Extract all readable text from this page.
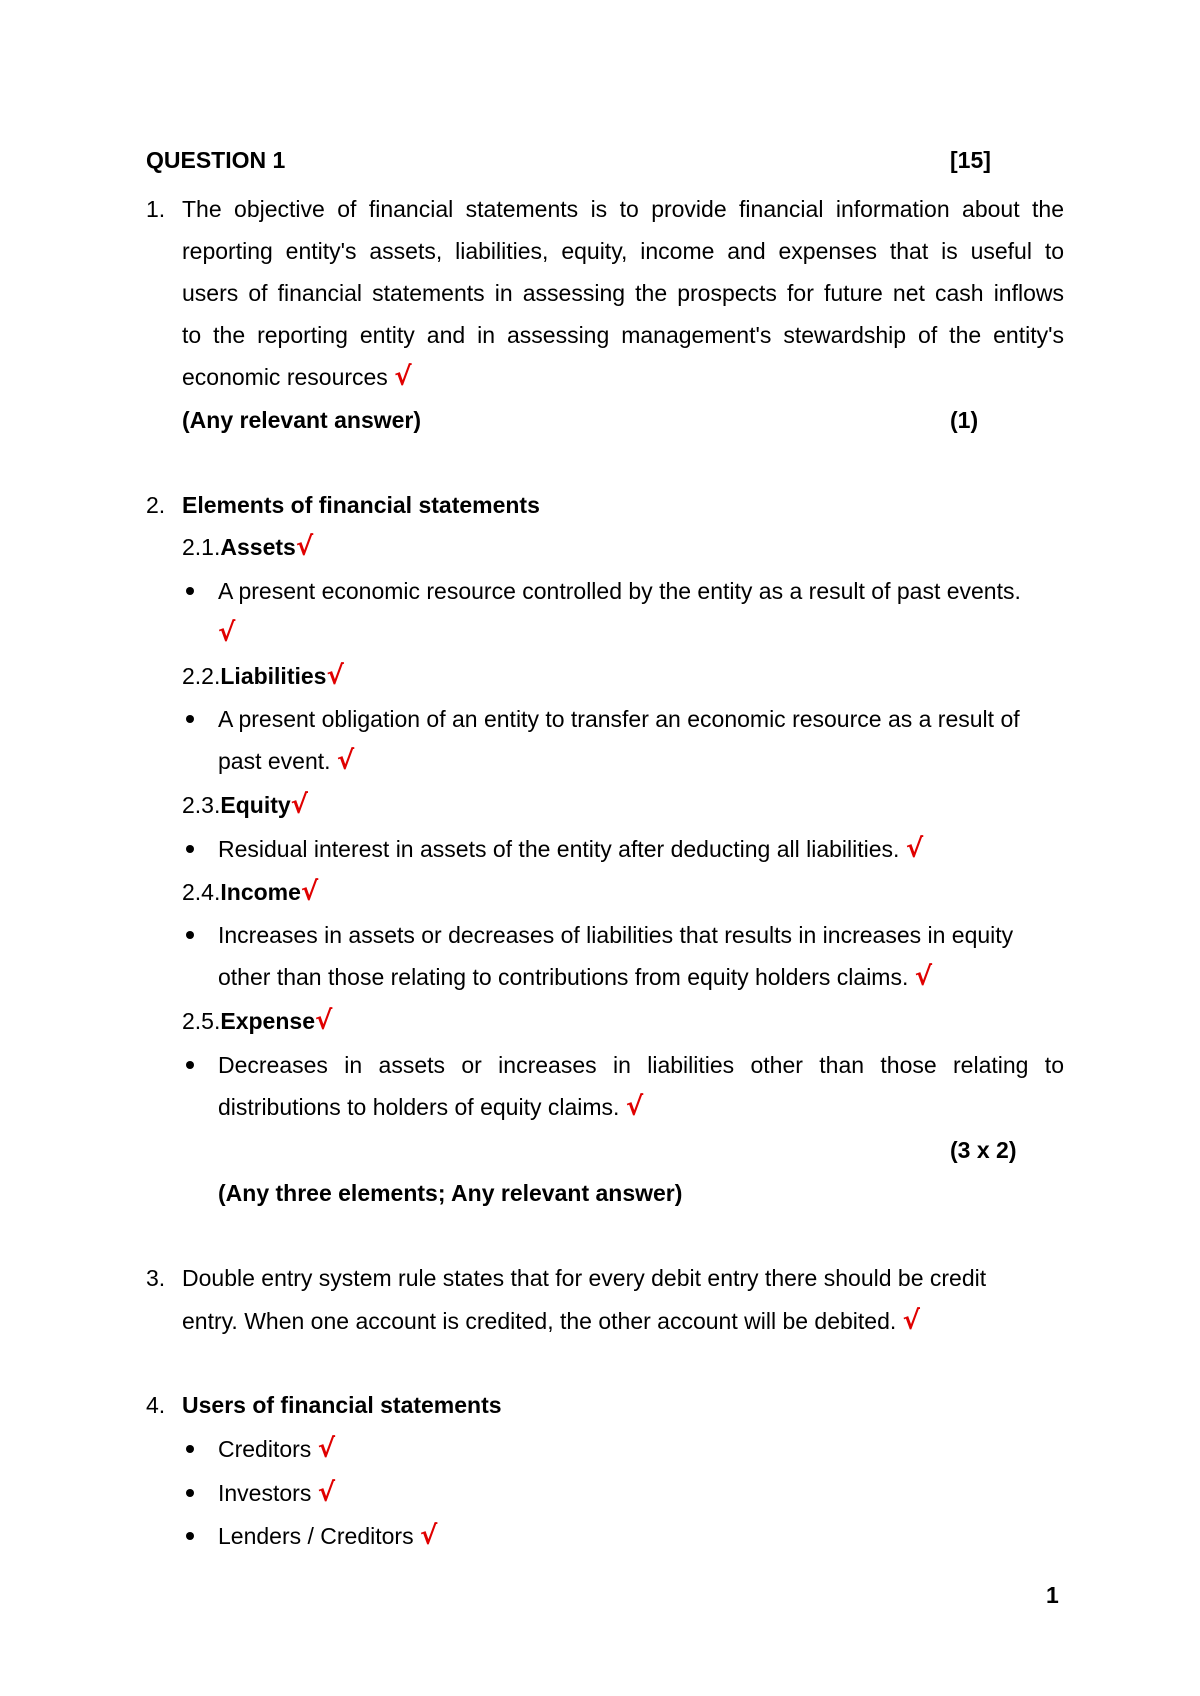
QUESTION 1	[15]
1. The objective of financial statements is to provide financial information about the
reporting entity's assets, liabilities, equity, income and expenses that is useful to
users of financial statements in assessing the prospects for future net cash inflows
to the reporting entity and in assessing management's stewardship of the entity's
economic resources √
(Any relevant answer)	(1)
2. Elements of financial statements
2.1.Assets√
A present economic resource controlled by the entity as a result of past events.
√
2.2.Liabilities√
A present obligation of an entity to transfer an economic resource as a result of
past event. √
2.3.Equity√
Residual interest in assets of the entity after deducting all liabilities. √
2.4.Income√
Increases in assets or decreases of liabilities that results in increases in equity
other than those relating to contributions from equity holders claims. √
2.5.Expense√
Decreases in assets or increases in liabilities other than those relating to
distributions to holders of equity claims. √
(3 x 2)
(Any three elements; Any relevant answer)
3. Double entry system rule states that for every debit entry there should be credit
entry. When one account is credited, the other account will be debited. √
4. Users of financial statements
Creditors √
Investors √
Lenders / Creditors √
1
